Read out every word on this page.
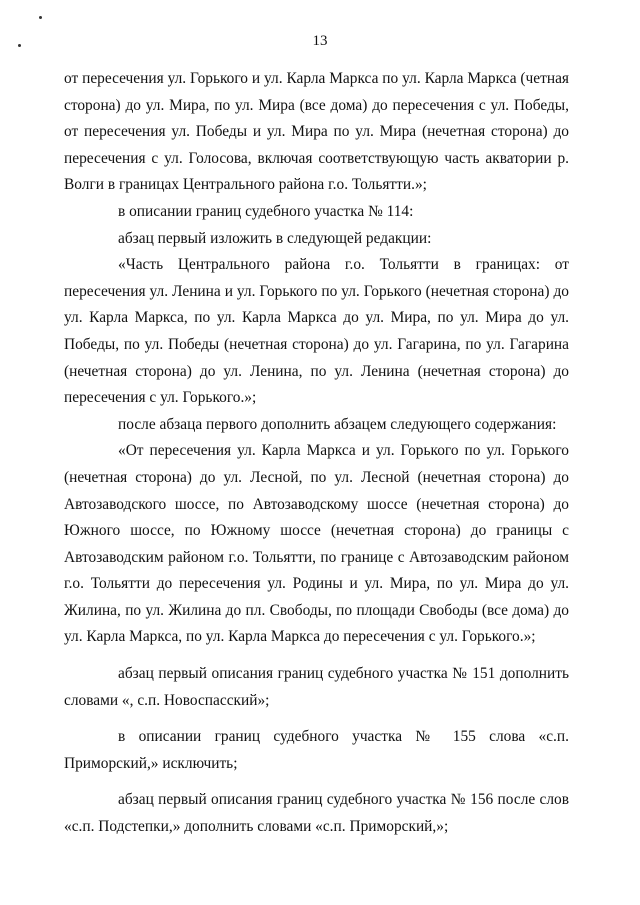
13

от пересечения ул. Горького и ул. Карла Маркса по ул. Карла Маркса (четная сторона) до ул. Мира, по ул. Мира (все дома) до пересечения с ул. Победы, от пересечения ул. Победы и ул. Мира по ул. Мира (нечетная сторона) до пересечения с ул. Голосова, включая соответствующую часть акватории р. Волги в границах Центрального района г.о. Тольятти.»;

в описании границ судебного участка № 114:

абзац первый изложить в следующей редакции:

«Часть Центрального района г.о. Тольятти в границах: от пересечения ул. Ленина и ул. Горького по ул. Горького (нечетная сторона) до ул. Карла Маркса, по ул. Карла Маркса до ул. Мира, по ул. Мира до ул. Победы, по ул. Победы (нечетная сторона) до ул. Гагарина, по ул. Гагарина (нечетная сторона) до ул. Ленина, по ул. Ленина (нечетная сторона) до пересечения с ул. Горького.»;

после абзаца первого дополнить абзацем следующего содержания:

«От пересечения ул. Карла Маркса и ул. Горького по ул. Горького (нечетная сторона) до ул. Лесной, по ул. Лесной (нечетная сторона) до Автозаводского шоссе, по Автозаводскому шоссе (нечетная сторона) до Южного шоссе, по Южному шоссе (нечетная сторона) до границы с Автозаводским районом г.о. Тольятти, по границе с Автозаводским районом г.о. Тольятти до пересечения ул. Родины и ул. Мира, по ул. Мира до ул. Жилина, по ул. Жилина до пл. Свободы, по площади Свободы (все дома) до ул. Карла Маркса, по ул. Карла Маркса до пересечения с ул. Горького.»;

абзац первый описания границ судебного участка № 151 дополнить словами «, с.п. Новоспасский»;

в описании границ судебного участка № 155 слова «с.п. Приморский,» исключить;

абзац первый описания границ судебного участка № 156 после слов «с.п. Подстепки,» дополнить словами «с.п. Приморский,»;
